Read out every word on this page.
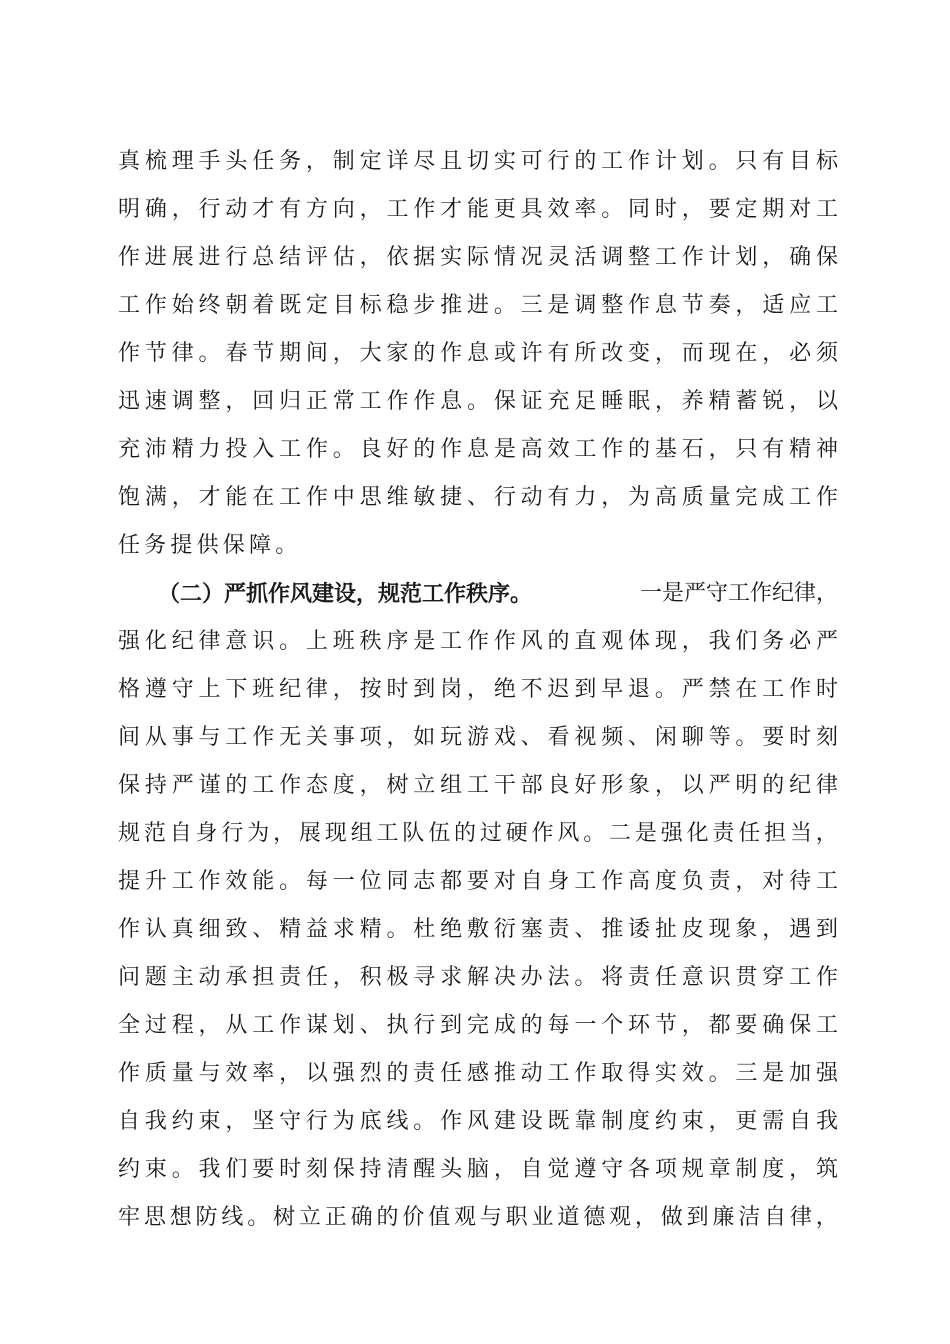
真 梳 理 手 头 任 务 ， 制 定 详 尽 且 切 实 可 行 的 工 作 计 划 。 只 有 目 标
明 确 ， 行 动 才 有 方 向 ， 工 作 才 能 更 具 效 率 。 同 时 ， 要 定 期 对 工
作 进 展 进 行 总 结 评 估 ， 依 据 实 际 情 况 灵 活 调 整 工 作 计 划 ， 确 保
工 作 始 终 朝 着 既 定 目 标 稳 步 推 进 。 三 是 调 整 作 息 节 奏 ， 适 应 工
作 节 律 。 春 节 期 间 ， 大 家 的 作 息 或 许 有 所 改 变 ， 而 现 在 ， 必 须
迅 速 调 整 ， 回 归 正 常 工 作 作 息 。 保 证 充 足 睡 眠 ， 养 精 蓄 锐 ， 以
充 沛 精 力 投 入 工 作 。 良 好 的 作 息 是 高 效 工 作 的 基 石 ， 只 有 精 神
饱 满 ， 才 能 在 工 作 中 思 维 敏 捷 、 行 动 有 力 ， 为 高 质 量 完 成 工 作
任务提供保障。
（二）严抓作风建设，规范工作秩序。	一是严守工作纪律，
强 化 纪 律 意 识 。 上 班 秩 序 是 工 作 作 风 的 直 观 体 现 ， 我 们 务 必 严
格 遵 守 上 下 班 纪 律 ， 按 时 到 岗 ， 绝 不 迟 到 早 退 。 严 禁 在 工 作 时
间 从 事 与 工 作 无 关 事 项 ， 如 玩 游 戏 、 看 视 频 、 闲 聊 等 。 要 时 刻
保 持 严 谨 的 工 作 态 度 ， 树 立 组 工 干 部 良 好 形 象 ， 以 严 明 的 纪 律
规 范 自 身 行 为 ， 展 现 组 工 队 伍 的 过 硬 作 风 。 二 是 强 化 责 任 担 当 ，
提 升 工 作 效 能 。 每 一 位 同 志 都 要 对 自 身 工 作 高 度 负 责 ， 对 待 工
作 认 真 细 致 、 精 益 求 精 。 杜 绝 敷 衍 塞 责 、 推 诿 扯 皮 现 象 ， 遇 到
问 题 主 动 承 担 责 任 ， 积 极 寻 求 解 决 办 法 。 将 责 任 意 识 贯 穿 工 作
全 过 程 ， 从 工 作 谋 划 、 执 行 到 完 成 的 每 一 个 环 节 ， 都 要 确 保 工
作 质 量 与 效 率 ， 以 强 烈 的 责 任 感 推 动 工 作 取 得 实 效 。 三 是 加 强
自 我 约 束 ， 坚 守 行 为 底 线 。 作 风 建 设 既 靠 制 度 约 束 ， 更 需 自 我
约 束 。 我 们 要 时 刻 保 持 清 醒 头 脑 ， 自 觉 遵 守 各 项 规 章 制 度 ， 筑
牢 思 想 防 线 。 树 立 正 确 的 价 值 观 与 职 业 道 德 观 ， 做 到 廉 洁 自 律 ，
